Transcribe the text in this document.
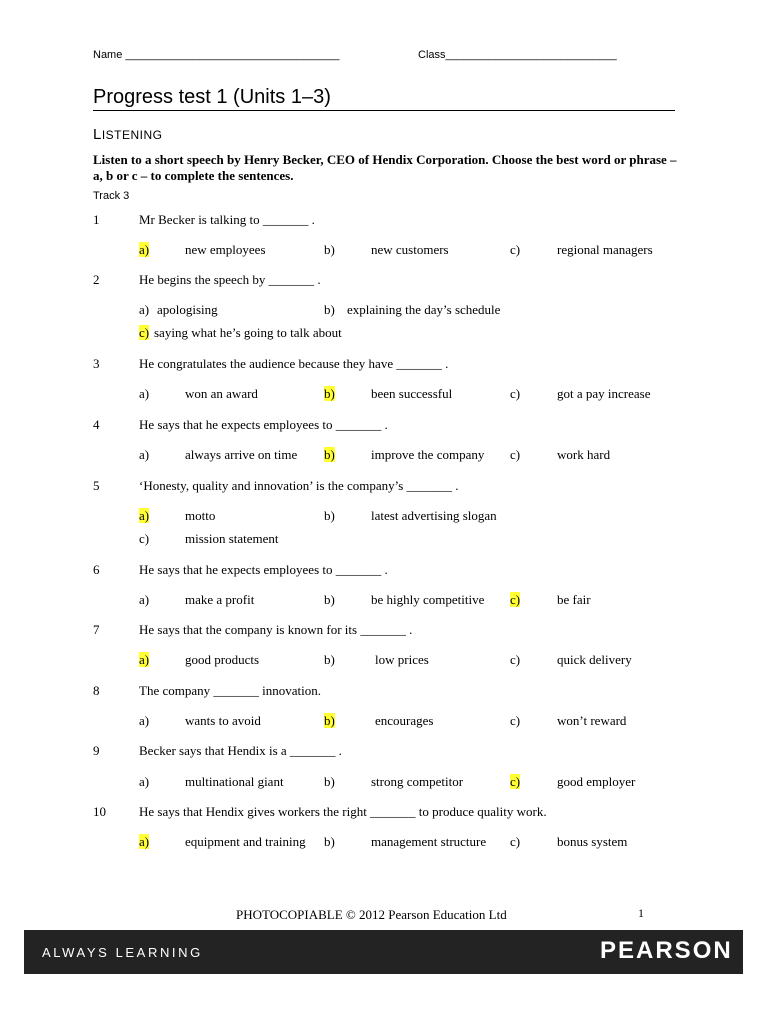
Name ___________________________________	Class____________________________
Progress test 1 (Units 1–3)
LISTENING
Listen to a short speech by Henry Becker, CEO of Hendix Corporation. Choose the best word or phrase – a, b or c – to complete the sentences.
Track 3
1	Mr Becker is talking to _______ .
a)	new employees	b)	new customers	c)	regional managers
2	He begins the speech by _______ .
a) apologising	b) explaining the day’s schedule
c) saying what he’s going to talk about
3	He congratulates the audience because they have _______ .
a)	won an award	b)	been successful	c)	got a pay increase
4	He says that he expects employees to _______ .
a)	always arrive on time b)	improve the company c)	work hard
5	‘Honesty, quality and innovation’ is the company’s _______ .
a)	motto	b)	latest advertising slogan
c)	mission statement
6	He says that he expects employees to _______ .
a)	make a profit	b)	be highly competitive c)	be fair
7	He says that the company is known for its _______ .
a)	good products	b)	low prices	c)	quick delivery
8	The company _______ innovation.
a)	wants to avoid	b)	encourages	c)	won’t reward
9	Becker says that Hendix is a _______ .
a)	multinational giant	b)	strong competitor	c)	good employer
10	He says that Hendix gives workers the right _______ to produce quality work.
a)	equipment and training b)	management structure c)	bonus system
PHOTOCOPIABLE © 2012 Pearson Education Ltd	1
ALWAYS LEARNING	PEARSON
